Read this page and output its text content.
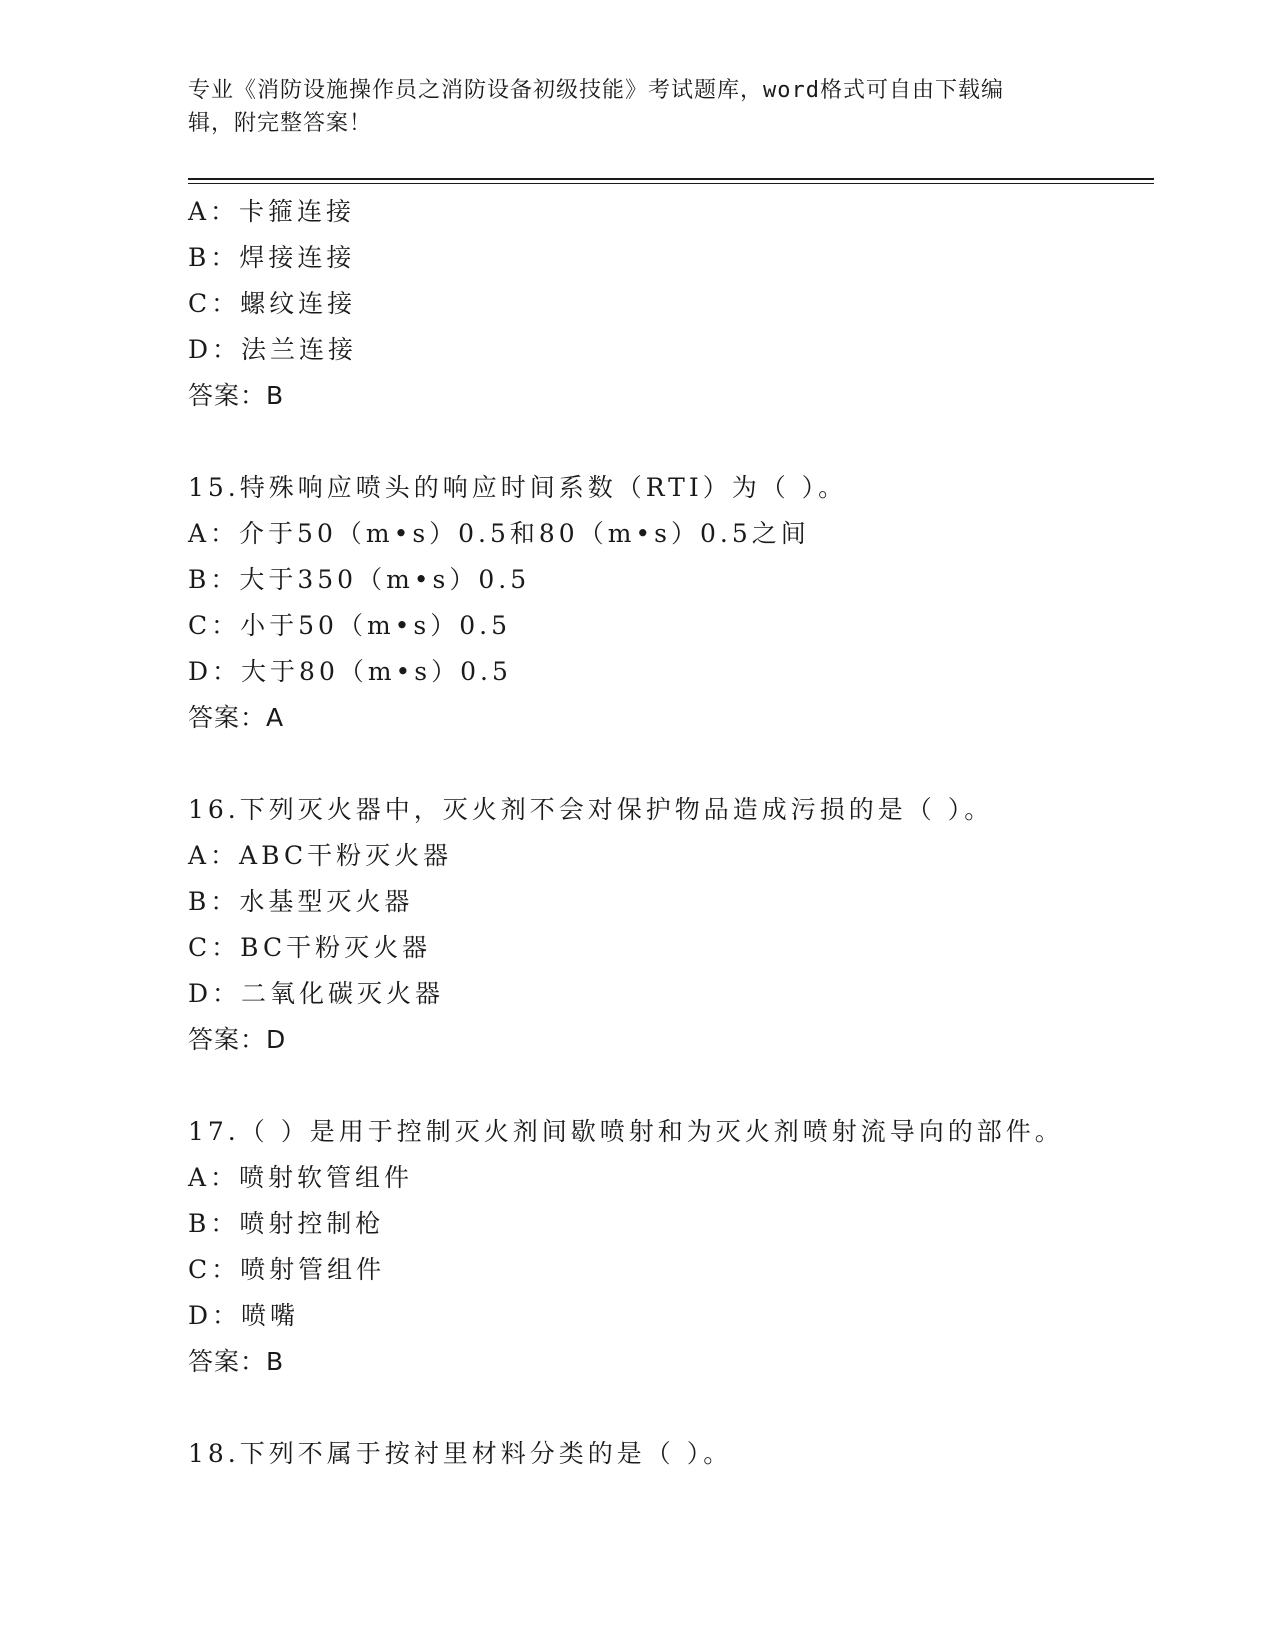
专业《消防设施操作员之消防设备初级技能》考试题库，word格式可自由下载编
辑，附完整答案！
A：卡箍连接
B：焊接连接
C：螺纹连接
D：法兰连接
答案：B
15.特殊响应喷头的响应时间系数（RTI）为（ ）。
A：介于50（m•s）0.5和80（m•s）0.5之间
B：大于350（m•s）0.5
C：小于50（m•s）0.5
D：大于80（m•s）0.5
答案：A
16.下列灭火器中，灭火剂不会对保护物品造成污损的是（ ）。
A：ABC干粉灭火器
B：水基型灭火器
C：BC干粉灭火器
D：二氧化碳灭火器
答案：D
17.（ ）是用于控制灭火剂间歇喷射和为灭火剂喷射流导向的部件。
A：喷射软管组件
B：喷射控制枪
C：喷射管组件
D：喷嘴
答案：B
18.下列不属于按衬里材料分类的是（ ）。
